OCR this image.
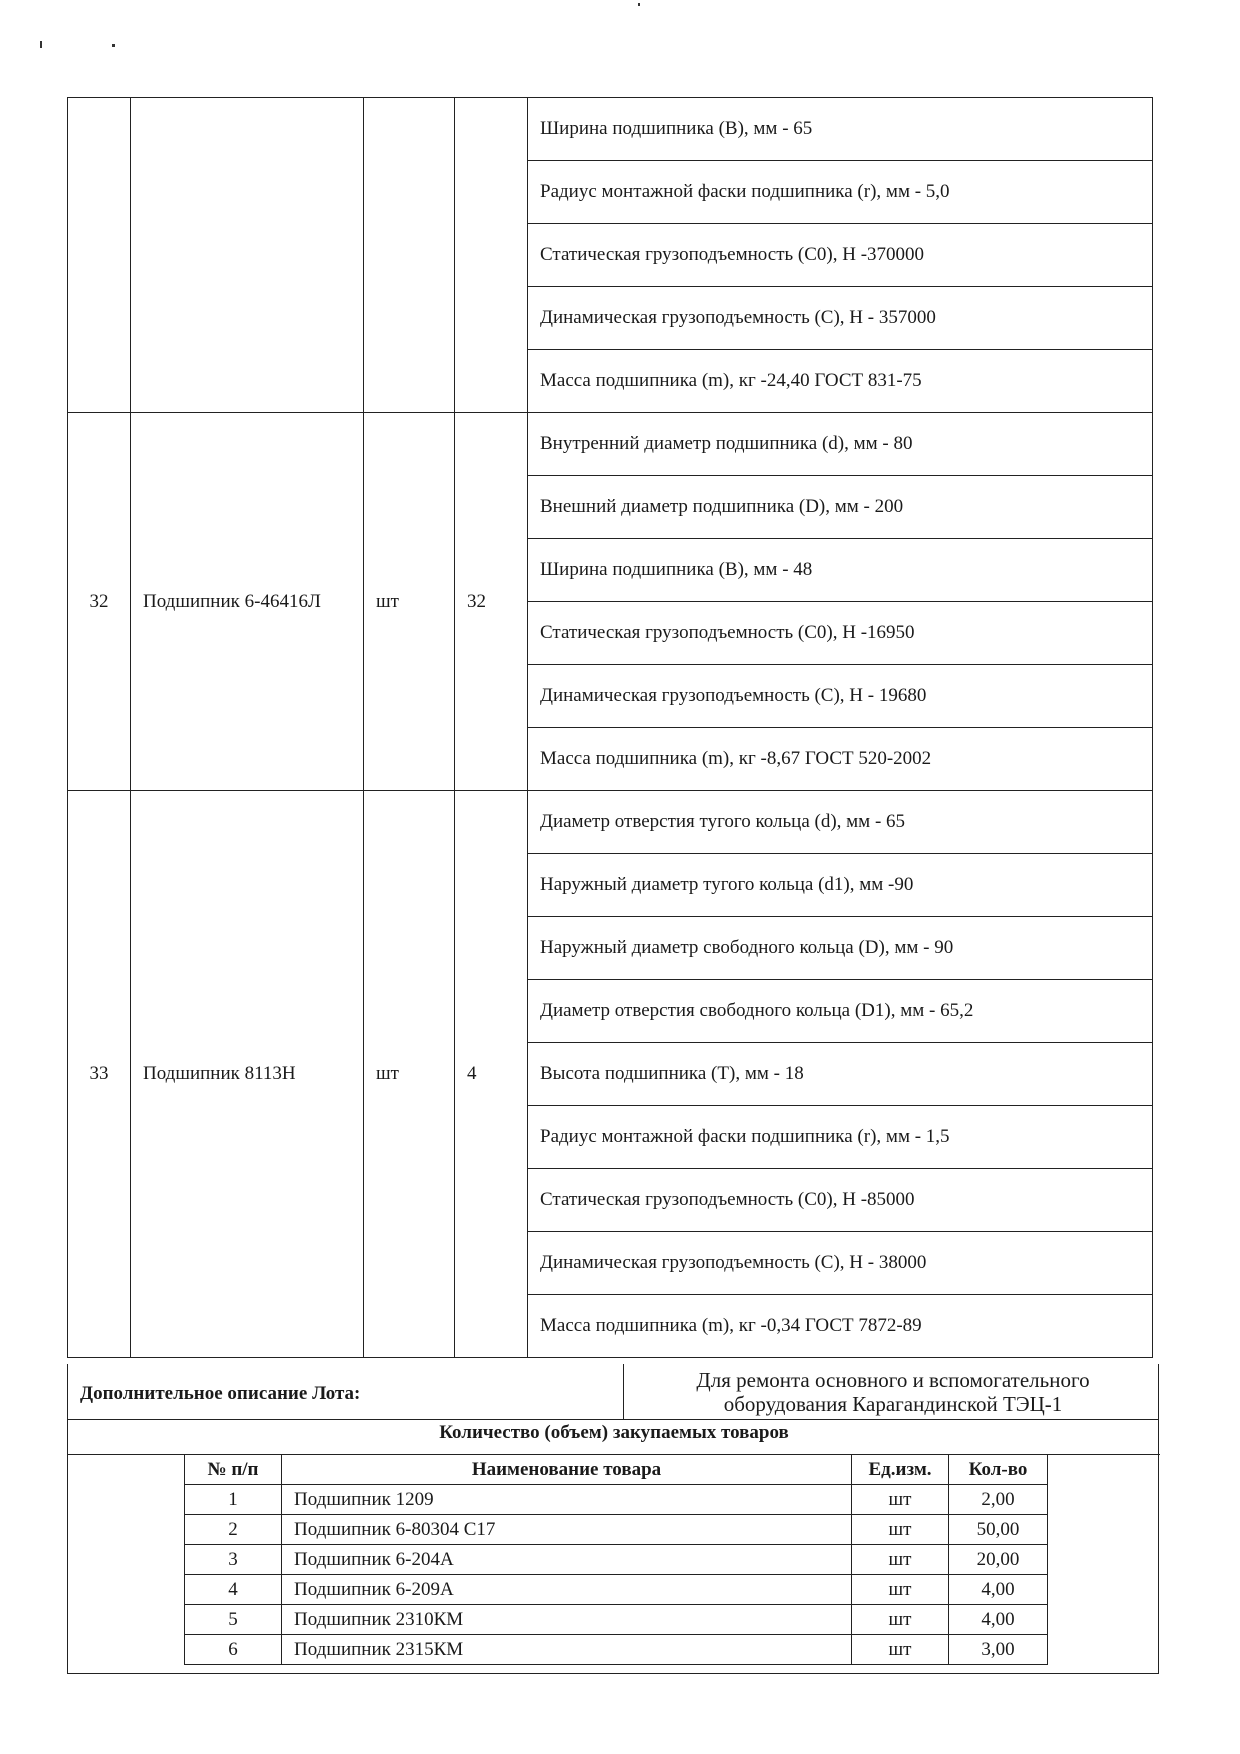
				Ширина подшипника (В), мм - 65
				Радиус монтажной фаски подшипника (r), мм - 5,0
				Статическая грузоподъемность (С0), Н -370000
				Динамическая грузоподъемность (С), Н - 357000
				Масса подшипника (m), кг -24,40 ГОСТ 831-75
32	Подшипник 6-46416Л	шт	32	Внутренний диаметр подшипника (d), мм - 80
				Внешний диаметр подшипника (D), мм - 200
				Ширина подшипника (В), мм - 48
				Статическая грузоподъемность (С0), Н -16950
				Динамическая грузоподъемность (С), Н - 19680
				Масса подшипника (m), кг -8,67 ГОСТ 520-2002
33	Подшипник 8113Н	шт	4	Диаметр отверстия тугого кольца (d), мм - 65
				Наружный диаметр тугого кольца (d1), мм -90
				Наружный диаметр свободного кольца (D), мм - 90
				Диаметр отверстия свободного кольца (D1), мм - 65,2
				Высота подшипника (Т), мм - 18
				Радиус монтажной фаски подшипника (r), мм - 1,5
				Статическая грузоподъемность (С0), Н -85000
				Динамическая грузоподъемность (С), Н - 38000
				Масса подшипника (m), кг -0,34 ГОСТ 7872-89
Дополнительное описание Лота:
Для ремонта основного и вспомогательного оборудования Карагандинской ТЭЦ-1
Количество (объем) закупаемых товаров
№ п/п	Наименование товара	Ед.изм.	Кол-во
1	Подшипник 1209	шт	2,00
2	Подшипник 6-80304 С17	шт	50,00
3	Подшипник 6-204А	шт	20,00
4	Подшипник 6-209А	шт	4,00
5	Подшипник 2310КМ	шт	4,00
6	Подшипник 2315КМ	шт	3,00
